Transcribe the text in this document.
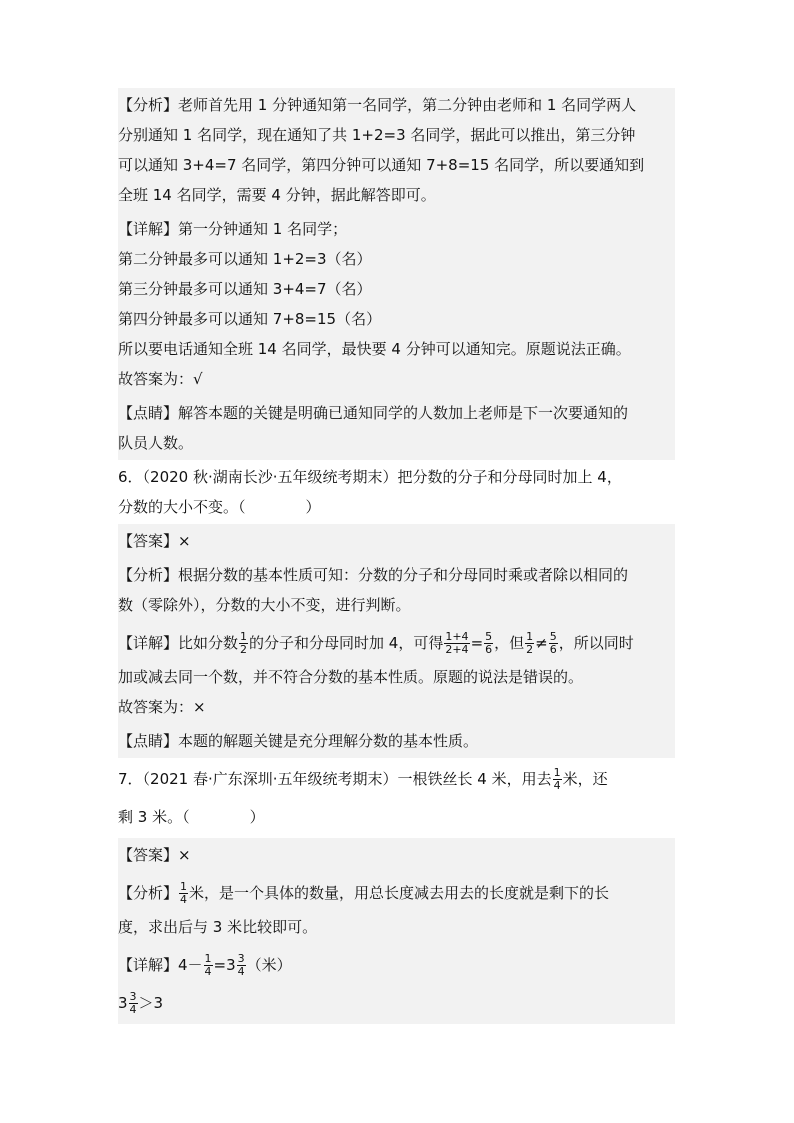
【分析】老师首先用 1 分钟通知第一名同学，第二分钟由老师和 1 名同学两人
分别通知 1 名同学，现在通知了共 1+2=3 名同学，据此可以推出，第三分钟
可以通知 3+4=7 名同学，第四分钟可以通知 7+8=15 名同学，所以要通知到
全班 14 名同学，需要 4 分钟，据此解答即可。
【详解】第一分钟通知 1 名同学；
第二分钟最多可以通知 1+2=3（名）
第三分钟最多可以通知 3+4=7（名）
第四分钟最多可以通知 7+8=15（名）
所以要电话通知全班 14 名同学，最快要 4 分钟可以通知完。原题说法正确。
故答案为：√
【点睛】解答本题的关键是明确已通知同学的人数加上老师是下一次要通知的
队员人数。
6．（2020 秋·湖南长沙·五年级统考期末）把分数的分子和分母同时加上 4，
分数的大小不变。（　　　　）
【答案】×
【分析】根据分数的基本性质可知：分数的分子和分母同时乘或者除以相同的
数（零除外），分数的大小不变，进行判断。
【详解】比如分数 $\frac{1}{2}$ 的分子和分母同时加 4，可得 $\frac{1+4}{2+4} = \frac{5}{6}$ ，但 $\frac{1}{2} \ne \frac{5}{6}$ ，所以同时
加或减去同一个数，并不符合分数的基本性质。原题的说法是错误的。
故答案为：×
【点睛】本题的解题关键是充分理解分数的基本性质。
7．（2021 春·广东深圳·五年级统考期末）一根铁丝长 4 米，用去 $\frac{1}{4}$ 米，还
剩 3 米。（　　　　）
【答案】×
【分析】 $\frac{1}{4}$ 米，是一个具体的数量，用总长度减去用去的长度就是剩下的长
度，求出后与 3 米比较即可。
【详解】$4- \frac{1}{4} =3 \frac{3}{4}$ （米）
$3 \frac{3}{4} >3$
